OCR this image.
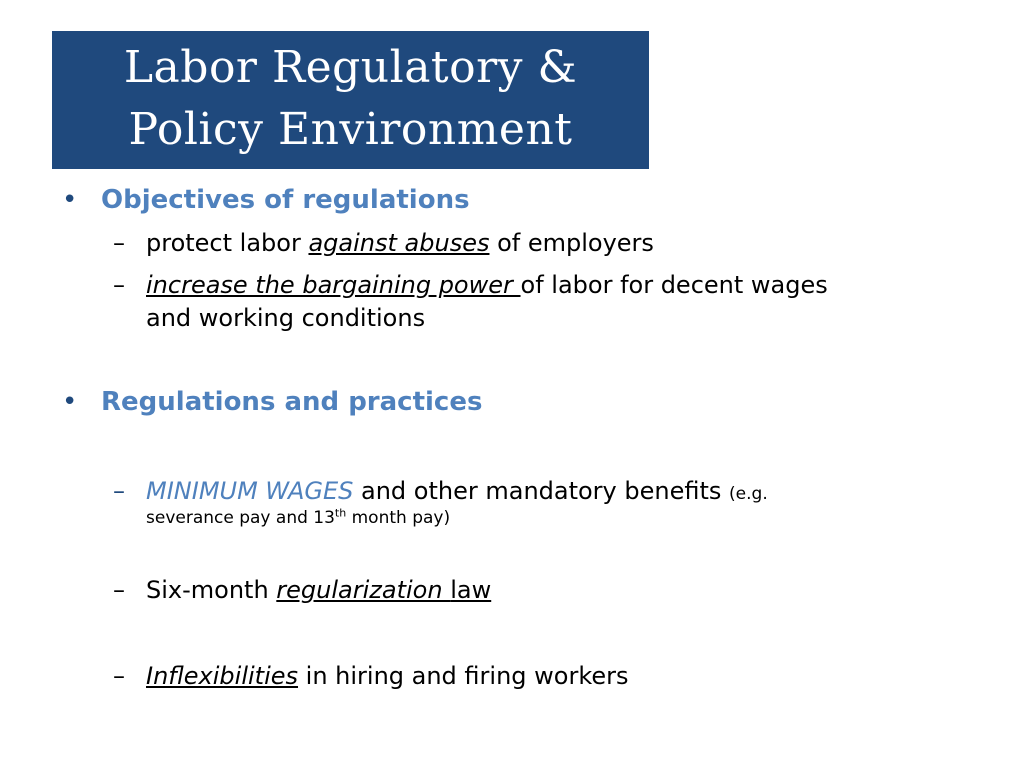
Labor Regulatory &
Policy Environment
• Objectives of regulations
– protect labor against abuses of employers
– increase the bargaining power of labor for decent wages
and working conditions
• Regulations and practices
– MINIMUM WAGES and other mandatory benefits (e.g.
severance pay and 13th month pay)
– Six-month regularization law
– Inflexibilities in hiring and firing workers
